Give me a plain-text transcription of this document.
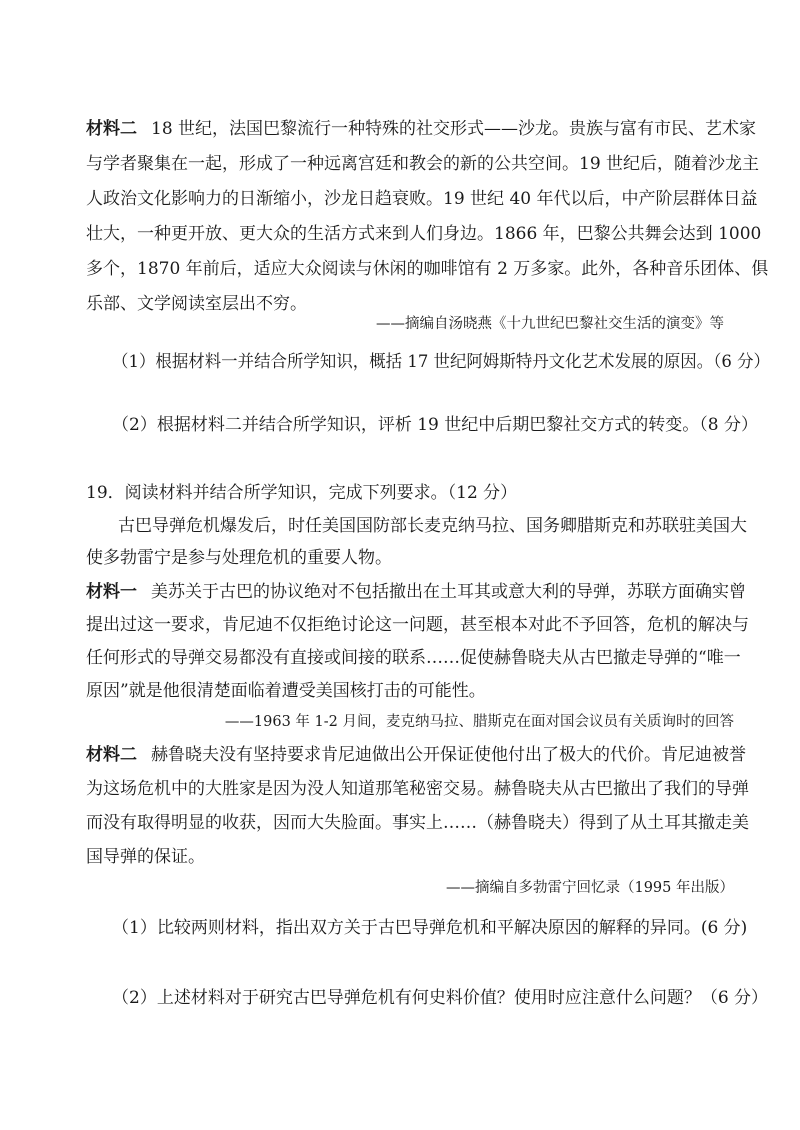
材料二 18 世纪，法国巴黎流行一种特殊的社交形式——沙龙。贵族与富有市民、艺术家
与学者聚集在一起，形成了一种远离宫廷和教会的新的公共空间。19 世纪后，随着沙龙主
人政治文化影响力的日渐缩小，沙龙日趋衰败。19 世纪 40 年代以后，中产阶层群体日益
壮大，一种更开放、更大众的生活方式来到人们身边。1866 年，巴黎公共舞会达到 1000
多个，1870 年前后，适应大众阅读与休闲的咖啡馆有 2 万多家。此外，各种音乐团体、俱
乐部、文学阅读室层出不穷。
——摘编自汤晓燕《十九世纪巴黎社交生活的演变》等
（1）根据材料一并结合所学知识，概括 17 世纪阿姆斯特丹文化艺术发展的原因。（6 分）
（2）根据材料二并结合所学知识，评析 19 世纪中后期巴黎社交方式的转变。（8 分）
19．阅读材料并结合所学知识，完成下列要求。（12 分）
古巴导弹危机爆发后，时任美国国防部长麦克纳马拉、国务卿腊斯克和苏联驻美国大
使多勃雷宁是参与处理危机的重要人物。
材料一 美苏关于古巴的协议绝对不包括撤出在土耳其或意大利的导弹，苏联方面确实曾
提出过这一要求，肯尼迪不仅拒绝讨论这一问题，甚至根本对此不予回答，危机的解决与
任何形式的导弹交易都没有直接或间接的联系……促使赫鲁晓夫从古巴撤走导弹的“唯一
原因”就是他很清楚面临着遭受美国核打击的可能性。
——1963 年 1-2 月间，麦克纳马拉、腊斯克在面对国会议员有关质询时的回答
材料二 赫鲁晓夫没有坚持要求肯尼迪做出公开保证使他付出了极大的代价。肯尼迪被誉
为这场危机中的大胜家是因为没人知道那笔秘密交易。赫鲁晓夫从古巴撤出了我们的导弹
而没有取得明显的收获，因而大失脸面。事实上……（赫鲁晓夫）得到了从土耳其撤走美
国导弹的保证。
——摘编自多勃雷宁回忆录（1995 年出版）
（1）比较两则材料，指出双方关于古巴导弹危机和平解决原因的解释的异同。(6 分)
（2）上述材料对于研究古巴导弹危机有何史料价值？使用时应注意什么问题？（6 分）
